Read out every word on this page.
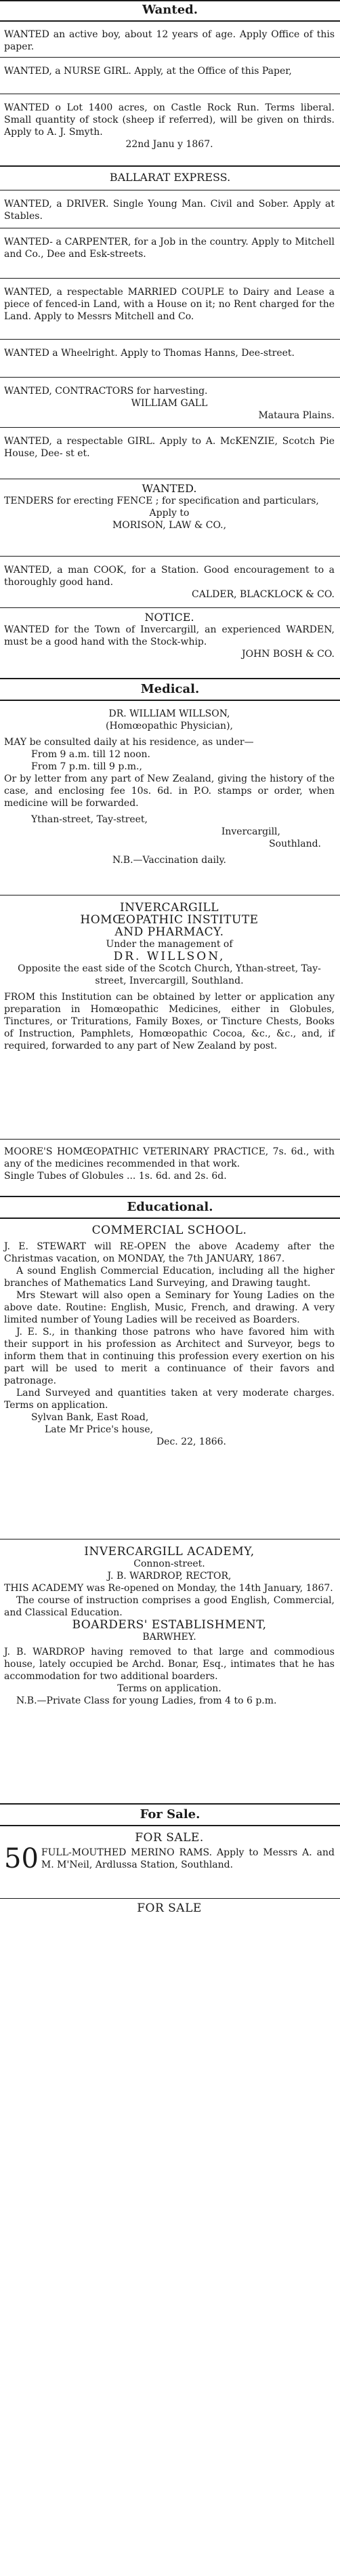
Wanted.
WANTED an active boy, about 12 years of age. Apply Office of this paper.
WANTED, a NURSE GIRL. Apply, at the Office of this Paper,
WANTED o Lot 1400 acres, on Castle Rock Run. Terms liberal. Small quantity of stock (sheep if referred), will be given on thirds. Apply to A. J. Smyth.
22nd Janu y 1867.
BALLARAT EXPRESS.
WANTED, a DRIVER. Single Young Man. Civil and Sober. Apply at Stables.
WANTED- a CARPENTER, for a Job in the country. Apply to Mitchell and Co., Dee and Esk-streets.
WANTED, a respectable MARRIED COUPLE to Dairy and Lease a piece of fenced-in Land, with a House on it; no Rent charged for the Land. Apply to Messrs Mitchell and Co.
WANTED a Wheelright. Apply to Thomas Hanns, Dee-street.
WANTED, CONTRACTORS for harvesting.
WILLIAM GALL
Mataura Plains.
WANTED, a respectable GIRL. Apply to A. McKENZIE, Scotch Pie House, Dee- st et.
WANTED.
TENDERS for erecting FENCE ; for specification and particulars,
Apply to
MORISON, LAW & CO.,
WANTED, a man COOK, for a Station. Good encouragement to a thoroughly good hand.
CALDER, BLACKLOCK & CO.
NOTICE.
WANTED for the Town of Invercargill, an experienced WARDEN, must be a good hand with the Stock-whip.
JOHN BOSH & CO.
Medical.
DR. WILLIAM WILLSON,
(Homœopathic Physician),
MAY be consulted daily at his residence, as under—
From 9 a.m. till 12 noon.
From 7 p.m. till 9 p.m.,
Or by letter from any part of New Zealand, giving the history of the case, and enclosing fee 10s. 6d. in P.O. stamps or order, when medicine will be forwarded.
Ythan-street, Tay-street,
Invercargill,
Southland.
N.B.—Vaccination daily.
INVERCARGILL
HOMŒOPATHIC INSTITUTE
AND PHARMACY.
Under the management of
DR. WILLSON,
Opposite the east side of the Scotch Church, Ythan-street, Tay-street, Invercargill, Southland.
FROM this Institution can be obtained by letter or application any preparation in Homœopathic Medicines, either in Globules, Tinctures, or Triturations, Family Boxes, or Tincture Chests, Books of Instruction, Pamphlets, Homœopathic Cocoa, &c., &c., and, if required, forwarded to any part of New Zealand by post.
MOORE'S HOMŒOPATHIC VETERINARY PRACTICE, 7s. 6d., with any of the medicines recommended in that work.
Single Tubes of Globules ... 1s. 6d. and 2s. 6d.
Educational.
COMMERCIAL SCHOOL.
J. E. STEWART will RE-OPEN the above Academy after the Christmas vacation, on MONDAY, the 7th JANUARY, 1867.
A sound English Commercial Education, including all the higher branches of Mathematics Land Surveying, and Drawing taught.
Mrs Stewart will also open a Seminary for Young Ladies on the above date. Routine: English, Music, French, and drawing. A very limited number of Young Ladies will be received as Boarders.
J. E. S., in thanking those patrons who have favored him with their support in his profession as Architect and Surveyor, begs to inform them that in continuing this profession every exertion on his part will be used to merit a continuance of their favors and patronage.
Land Surveyed and quantities taken at very moderate charges. Terms on application.
Sylvan Bank, East Road,
Late Mr Price's house,
Dec. 22, 1866.
INVERCARGILL ACADEMY,
Connon-street.
J. B. WARDROP, RECTOR,
THIS ACADEMY was Re-opened on Monday, the 14th January, 1867.
The course of instruction comprises a good English, Commercial, and Classical Education.
BOARDERS' ESTABLISHMENT,
BARWHEY.
J. B. WARDROP having removed to that large and commodious house, lately occupied be Archd. Bonar, Esq., intimates that he has accommodation for two additional boarders.
Terms on application.
N.B.—Private Class for young Ladies, from 4 to 6 p.m.
For Sale.
FOR SALE.
50 FULL-MOUTHED MERINO RAMS. Apply to Messrs A. and M. M'Neil, Ardlussa Station, Southland.
FOR SALE
